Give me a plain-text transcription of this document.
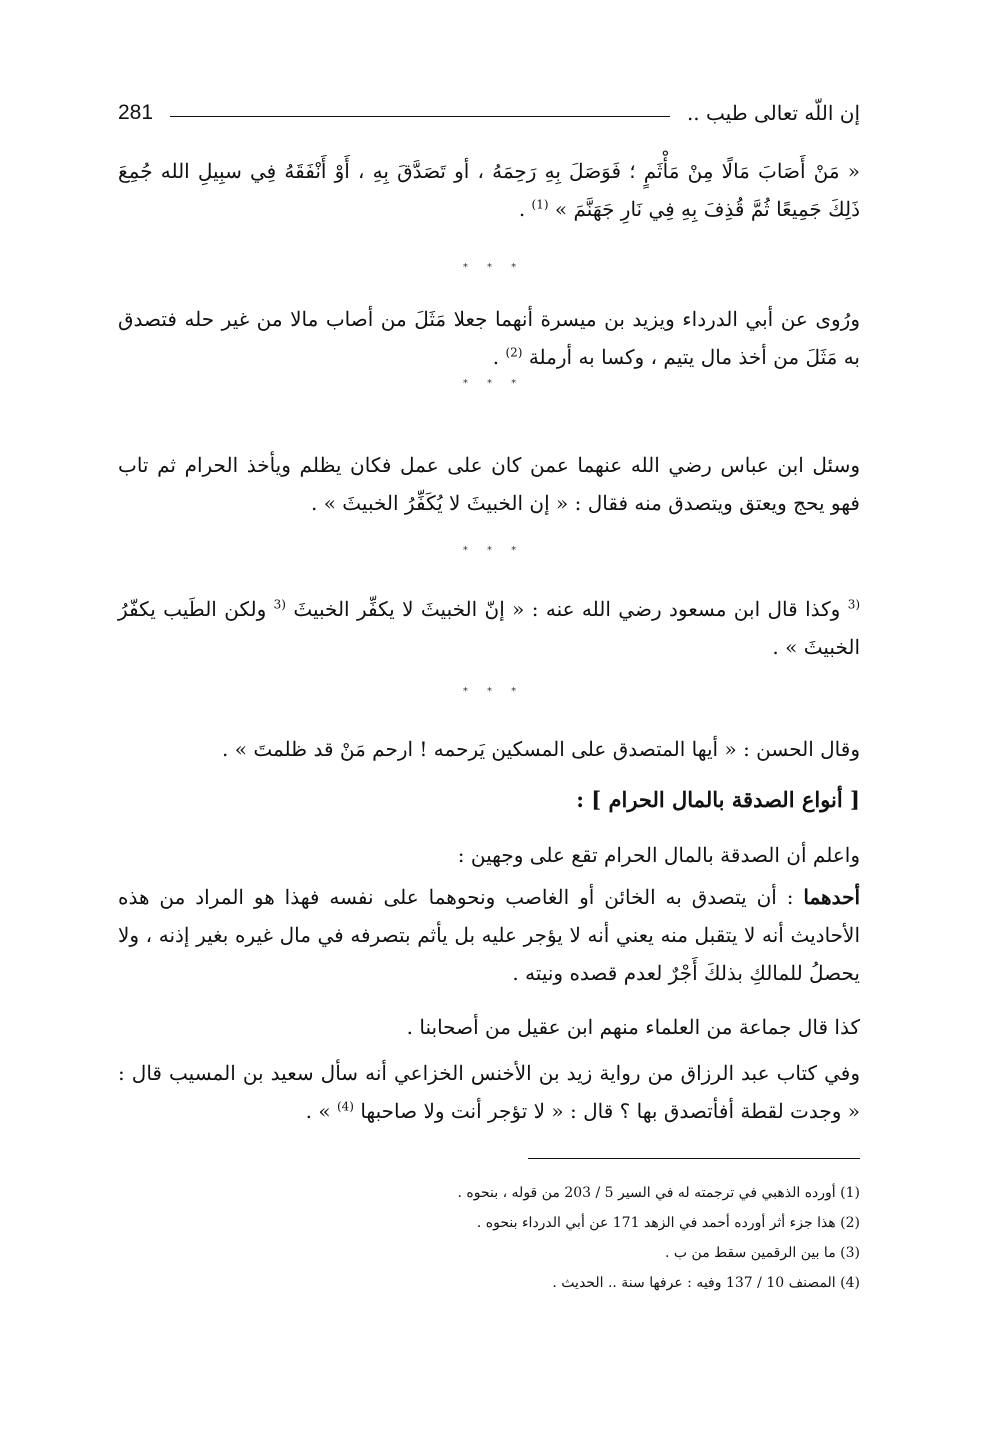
إن اللّه تعالى طيب ..
281

« مَنْ أَصَابَ مَالًا مِنْ مَأْثَمٍ ؛ فَوَصَلَ بِهِ رَحِمَهُ ، أو تَصَدَّقَ بِهِ ، أَوْ أَنْفَقَهُ فِي سبِيلِ الله جُمِعَ ذَلِكَ جَمِيعًا ثُمَّ قُذِفَ بِهِ فِي نَارِ جَهَنَّمَ » $^{(1)}$ .

* * *

ورُوى عن أبي الدرداء ويزيد بن ميسرة أنهما جعلا مَثَلَ من أصاب مالا من غير حله فتصدق به مَثَلَ من أخذ مال يتيم ، وكسا به أرملة $^{(2)}$ .

* * *

وسئل ابن عباس رضي الله عنهما عمن كان على عمل فكان يظلم ويأخذ الحرام ثم تاب فهو يحج ويعتق ويتصدق منه فقال : « إن الخبيثَ لا يُكَفِّرُ الخبيثَ » .

* * *

$^{(3}$ وكذا قال ابن مسعود رضي الله عنه : « إنّ الخبيثَ لا يكفِّر الخبيثَ $^{(3}$ ولكن الطَيب يكفّرُ الخبيثَ » .

* * *

وقال الحسن : « أيها المتصدق على المسكين يَرحمه ! ارحم مَنْ قد ظلمتَ » .

[ أنواع الصدقة بالمال الحرام ] :

واعلم أن الصدقة بالمال الحرام تقع على وجهين :

أحدهما : أن يتصدق به الخائن أو الغاصب ونحوهما على نفسه فهذا هو المراد من هذه الأحاديث أنه لا يتقبل منه يعني أنه لا يؤجر عليه بل يأثم بتصرفه في مال غيره بغير إذنه ، ولا يحصلُ للمالكِ بذلكَ أَجْرٌ لعدم قصده ونيته .

كذا قال جماعة من العلماء منهم ابن عقيل من أصحابنا .

وفي كتاب عبد الرزاق من رواية زيد بن الأخنس الخزاعي أنه سأل سعيد بن المسيب قال : « وجدت لقطة أفأتصدق بها ؟ قال : « لا تؤجر أنت ولا صاحبها $^{(4)}$ » .

(1) أورده الذهبي في ترجمته له في السير 5 / 203 من قوله ، بنحوه .

(2) هذا جزء أثر أورده أحمد في الزهد 171 عن أبي الدرداء بنحوه .

(3) ما بين الرقمين سقط من ب .

(4) المصنف 10 / 137 وفيه : عرفها سنة .. الحديث .
